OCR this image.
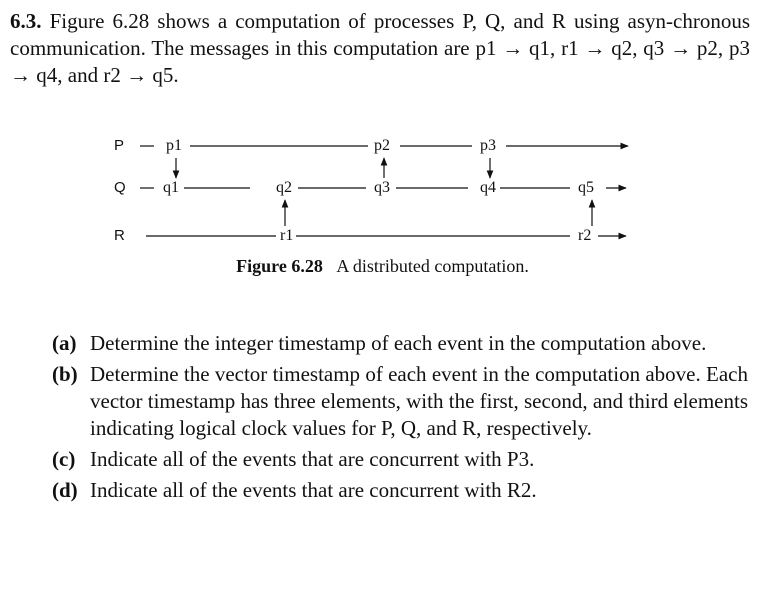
6.3. Figure 6.28 shows a computation of processes P, Q, and R using asyn-chronous communication. The messages in this computation are p1 → q1, r1 → q2, q3 → p2, p3 → q4, and r2 → q5.
P
Q
R
p1	p2	p3
q1	q2	q3	q4	q5
r1	r2
Figure 6.28 A distributed computation.
(a) Determine the integer timestamp of each event in the computation above.
(b) Determine the vector timestamp of each event in the computation above. Each vector timestamp has three elements, with the first, second, and third elements indicating logical clock values for P, Q, and R, respectively.
(c) Indicate all of the events that are concurrent with P3.
(d) Indicate all of the events that are concurrent with R2.
